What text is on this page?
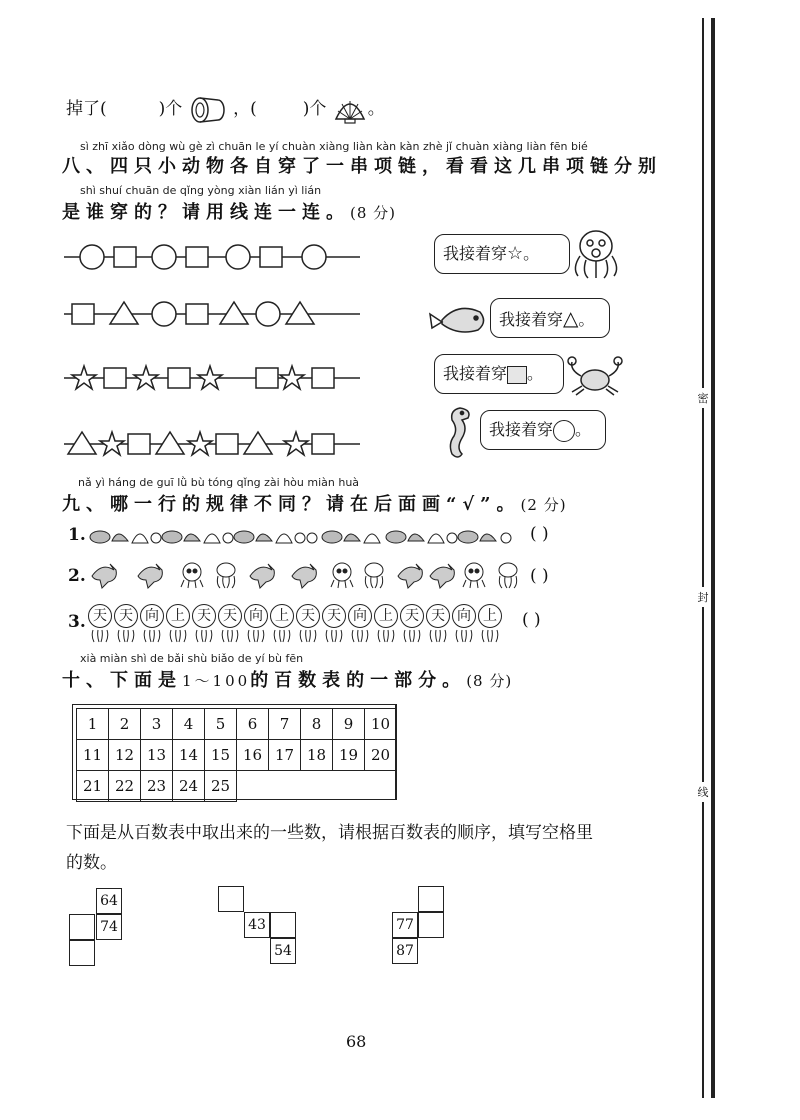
密
封
线
掉了(	)个	，(	)个 。
sì zhī xiǎo dòng wù gè zì chuān le yí chuàn xiàng liàn kàn kàn zhè jǐ chuàn xiàng liàn fēn bié
八、四只小动物各自穿了一串项链，看看这几串项链分别
shì shuí chuān de qǐng yòng xiàn lián yì lián
是谁穿的？请用线连一连。(8 分)
我接着穿☆。
我接着穿△。
我接着穿 。
我接着穿 。
nǎ yì háng de guī lǜ bù tóng qǐng zài hòu miàn huà
九、哪一行的规律不同？请在后面画“√”。(2 分)
1.	( )
2.	( )
3. 天 天 向 上 天 天 向 上 天 天 向 上 天 天 向 上 ( )
xià miàn shì de bǎi shù biǎo de yí bù fēn
十、下面是1～100的百数表的一部分。(8 分)
1	2	3	4	5	6	7	8	9	10
11	12	13	14	15	16	17	18	19	20
21	22	23	24	25					
下面是从百数表中取出来的一些数，请根据百数表的顺序，填写空格里
的数。
64
74	43
54
77
87
68
